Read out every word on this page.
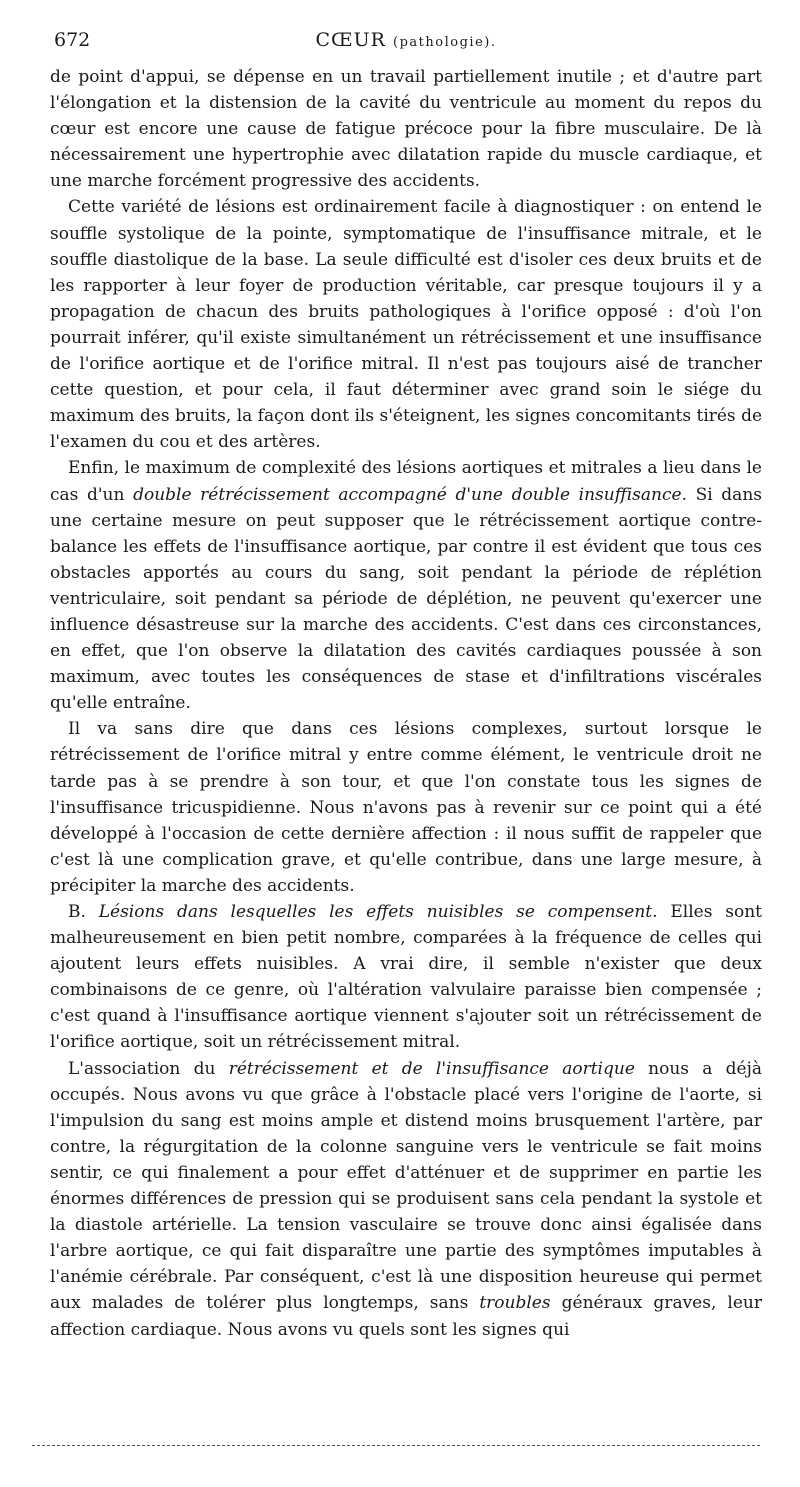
672	CŒUR (pathologie).

de point d'appui, se dépense en un travail partiellement inutile ; et d'autre part l'élongation et la distension de la cavité du ventricule au moment du repos du cœur est encore une cause de fatigue précoce pour la fibre musculaire. De là nécessairement une hypertrophie avec dilatation rapide du muscle cardiaque, et une marche forcément progressive des accidents.

Cette variété de lésions est ordinairement facile à diagnostiquer : on entend le souffle systolique de la pointe, symptomatique de l'insuffisance mitrale, et le souffle diastolique de la base. La seule difficulté est d'isoler ces deux bruits et de les rapporter à leur foyer de production véritable, car presque toujours il y a propagation de chacun des bruits pathologiques à l'orifice opposé : d'où l'on pourrait inférer, qu'il existe simultanément un rétrécissement et une insuffisance de l'orifice aortique et de l'orifice mitral. Il n'est pas toujours aisé de trancher cette question, et pour cela, il faut déterminer avec grand soin le siége du maximum des bruits, la façon dont ils s'éteignent, les signes concomitants tirés de l'examen du cou et des artères.

Enfin, le maximum de complexité des lésions aortiques et mitrales a lieu dans le cas d'un double rétrécissement accompagné d'une double insuffisance. Si dans une certaine mesure on peut supposer que le rétrécissement aortique contre-balance les effets de l'insuffisance aortique, par contre il est évident que tous ces obstacles apportés au cours du sang, soit pendant la période de réplétion ventriculaire, soit pendant sa période de déplétion, ne peuvent qu'exercer une influence désastreuse sur la marche des accidents. C'est dans ces circonstances, en effet, que l'on observe la dilatation des cavités cardiaques poussée à son maximum, avec toutes les conséquences de stase et d'infiltrations viscérales qu'elle entraîne.

Il va sans dire que dans ces lésions complexes, surtout lorsque le rétrécissement de l'orifice mitral y entre comme élément, le ventricule droit ne tarde pas à se prendre à son tour, et que l'on constate tous les signes de l'insuffisance tricuspidienne. Nous n'avons pas à revenir sur ce point qui a été développé à l'occasion de cette dernière affection : il nous suffit de rappeler que c'est là une complication grave, et qu'elle contribue, dans une large mesure, à précipiter la marche des accidents.

B. Lésions dans lesquelles les effets nuisibles se compensent. Elles sont malheureusement en bien petit nombre, comparées à la fréquence de celles qui ajoutent leurs effets nuisibles. A vrai dire, il semble n'exister que deux combinaisons de ce genre, où l'altération valvulaire paraisse bien compensée ; c'est quand à l'insuffisance aortique viennent s'ajouter soit un rétrécissement de l'orifice aortique, soit un rétrécissement mitral.

L'association du rétrécissement et de l'insuffisance aortique nous a déjà occupés. Nous avons vu que grâce à l'obstacle placé vers l'origine de l'aorte, si l'impulsion du sang est moins ample et distend moins brusquement l'artère, par contre, la régurgitation de la colonne sanguine vers le ventricule se fait moins sentir, ce qui finalement a pour effet d'atténuer et de supprimer en partie les énormes différences de pression qui se produisent sans cela pendant la systole et la diastole artérielle. La tension vasculaire se trouve donc ainsi égalisée dans l'arbre aortique, ce qui fait disparaître une partie des symptômes imputables à l'anémie cérébrale. Par conséquent, c'est là une disposition heureuse qui permet aux malades de tolérer plus longtemps, sans troubles généraux graves, leur affection cardiaque. Nous avons vu quels sont les signes qui
